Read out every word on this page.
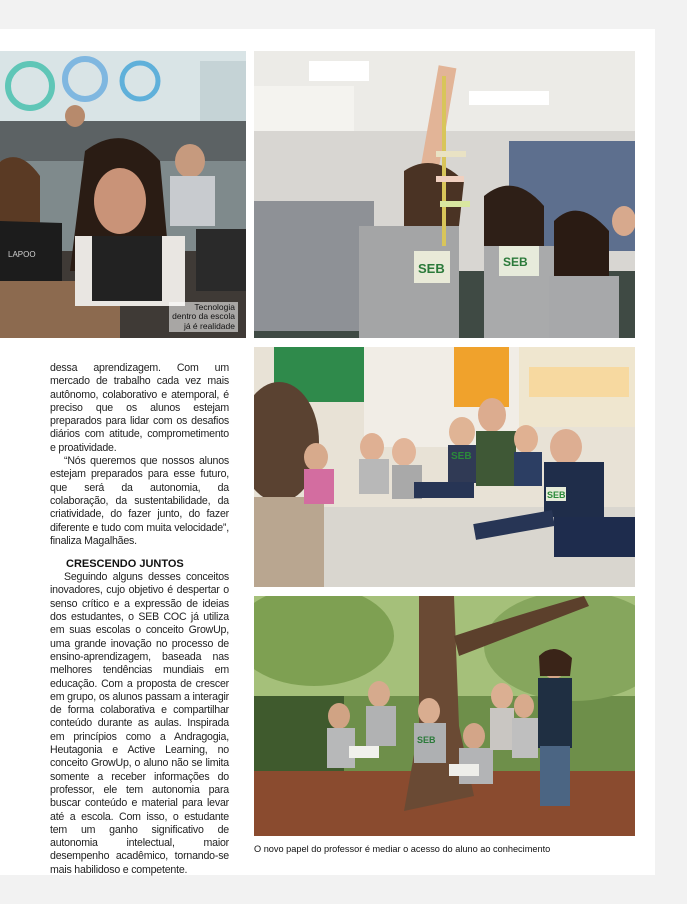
LAPOO
Tecnologia
dentro da escola
já é realidade
SEB	SEB
SEB
SEB
SEB

dessa aprendizagem. Com um mercado de trabalho cada vez mais autônomo, colaborativo e atemporal, é preciso que os alunos estejam preparados para lidar com os desafios diários com atitude, comprometimento e proatividade.

“Nós queremos que nossos alunos estejam preparados para esse futuro, que será da autonomia, da colaboração, da sustentabilidade, da criatividade, do fazer junto, do fazer diferente e tudo com muita velocidade”, finaliza Magalhães.

CRESCENDO JUNTOS

Seguindo alguns desses conceitos inovadores, cujo objetivo é despertar o senso crítico e a expressão de ideias dos estudantes, o SEB COC já utiliza em suas escolas o conceito GrowUp, uma grande inovação no processo de ensino-aprendizagem, baseada nas melhores tendências mundiais em educação. Com a proposta de crescer em grupo, os alunos passam a interagir de forma colaborativa e compartilhar conteúdo durante as aulas. Inspirada em princípios como a Andragogia, Heutagonia e Active Learning, no conceito GrowUp, o aluno não se limita somente a receber informações do professor, ele tem autonomia para buscar conteúdo e material para levar até a escola. Com isso, o estudante tem um ganho significativo de autonomia intelectual, maior desempenho acadêmico, tornando-se mais habilidoso e competente.

O novo papel do professor é mediar o acesso do aluno ao conhecimento
